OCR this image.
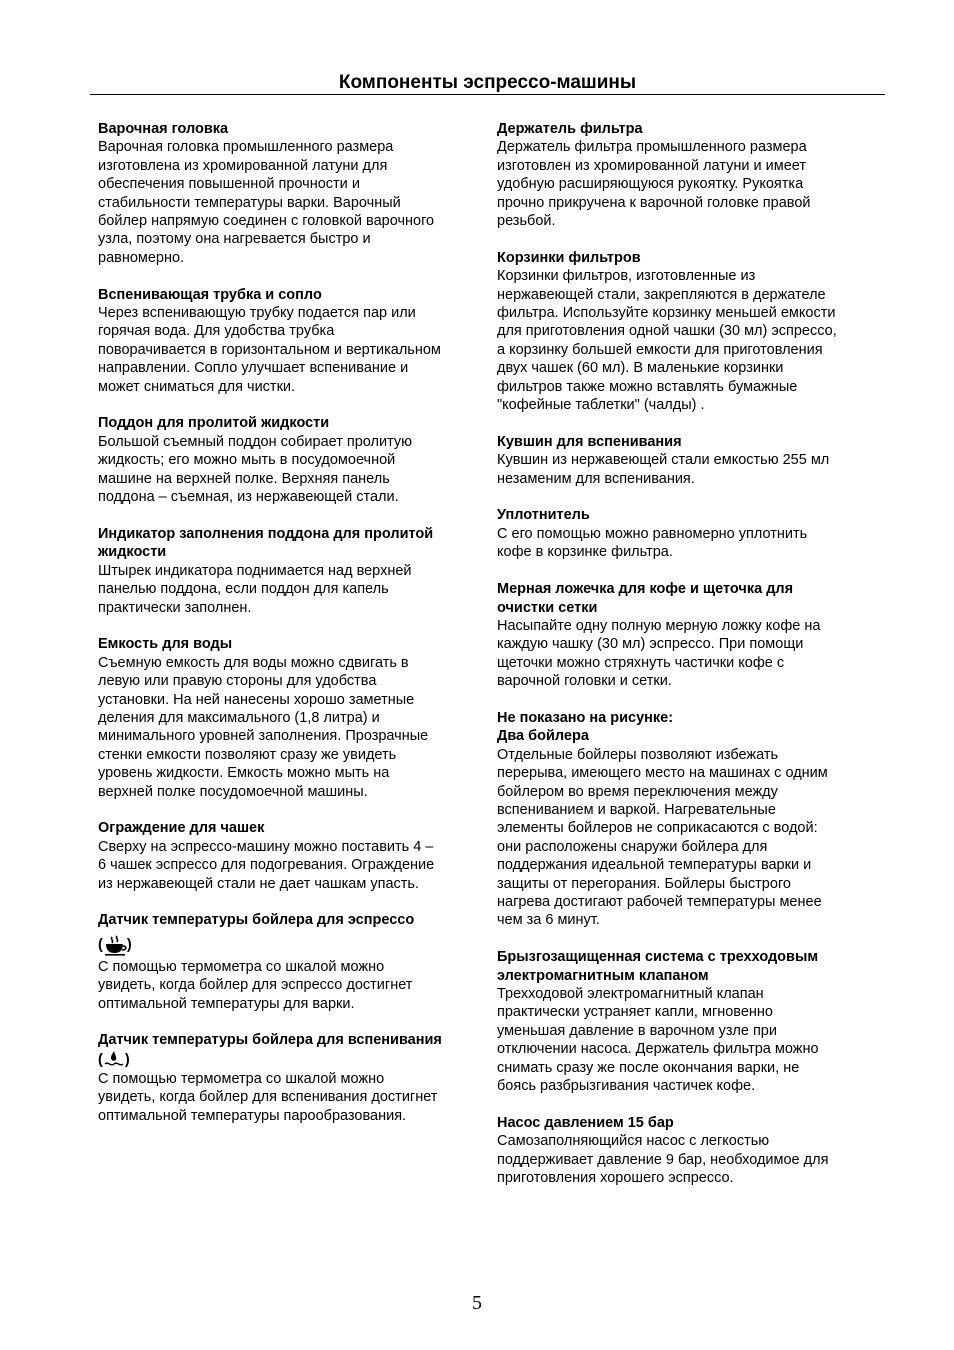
Компоненты эспрессо-машины
Варочная головка
Варочная головка промышленного размера
изготовлена из хромированной латуни для
обеспечения повышенной прочности и
стабильности температуры варки. Варочный
бойлер напрямую соединен с головкой варочного
узла, поэтому она нагревается быстро и
равномерно.
Вспенивающая трубка и сопло
Через вспенивающую трубку подается пар или
горячая вода. Для удобства трубка
поворачивается в горизонтальном и вертикальном
направлении. Сопло улучшает вспенивание и
может сниматься для чистки.
Поддон для пролитой жидкости
Большой съемный поддон собирает пролитую
жидкость; его можно мыть в посудомоечной
машине на верхней полке. Верхняя панель
поддона – съемная, из нержавеющей стали.
Индикатор заполнения поддона для пролитой
жидкости
Штырек индикатора поднимается над верхней
панелью поддона, если поддон для капель
практически заполнен.
Емкость для воды
Съемную емкость для воды можно сдвигать в
левую или правую стороны для удобства
установки. На ней нанесены хорошо заметные
деления для максимального (1,8 литра) и
минимального уровней заполнения. Прозрачные
стенки емкости позволяют сразу же увидеть
уровень жидкости. Емкость можно мыть на
верхней полке посудомоечной машины.
Ограждение для чашек
Сверху на эспрессо-машину можно поставить 4 –
6 чашек эспрессо для подогревания. Ограждение
из нержавеющей стали не дает чашкам упасть.
Датчик температуры бойлера для эспрессо
( )
С помощью термометра со шкалой можно
увидеть, когда бойлер для эспрессо достигнет
оптимальной температуры для варки.
Датчик температуры бойлера для вспенивания
( )
С помощью термометра со шкалой можно
увидеть, когда бойлер для вспенивания достигнет
оптимальной температуры парообразования.
Держатель фильтра
Держатель фильтра промышленного размера
изготовлен из хромированной латуни и имеет
удобную расширяющуюся рукоятку. Рукоятка
прочно прикручена к варочной головке правой
резьбой.
Корзинки фильтров
Корзинки фильтров, изготовленные из
нержавеющей стали, закрепляются в держателе
фильтра. Используйте корзинку меньшей емкости
для приготовления одной чашки (30 мл) эспрессо,
а корзинку большей емкости для приготовления
двух чашек (60 мл). В маленькие корзинки
фильтров также можно вставлять бумажные
"кофейные таблетки" (чалды) .
Кувшин для вспенивания
Кувшин из нержавеющей стали емкостью 255 мл
незаменим для вспенивания.
Уплотнитель
С его помощью можно равномерно уплотнить
кофе в корзинке фильтра.
Мерная ложечка для кофе и щеточка для
очистки сетки
Насыпайте одну полную мерную ложку кофе на
каждую чашку (30 мл) эспрессо. При помощи
щеточки можно стряхнуть частички кофе с
варочной головки и сетки.
Не показано на рисунке:
Два бойлера
Отдельные бойлеры позволяют избежать
перерыва, имеющего место на машинах с одним
бойлером во время переключения между
вспениванием и варкой. Нагревательные
элементы бойлеров не соприкасаются с водой:
они расположены снаружи бойлера для
поддержания идеальной температуры варки и
защиты от перегорания. Бойлеры быстрого
нагрева достигают рабочей температуры менее
чем за 6 минут.
Брызгозащищенная система с трехходовым
электромагнитным клапаном
Трехходовой электромагнитный клапан
практически устраняет капли, мгновенно
уменьшая давление в варочном узле при
отключении насоса. Держатель фильтра можно
снимать сразу же после окончания варки, не
боясь разбрызгивания частичек кофе.
Насос давлением 15 бар
Самозаполняющийся насос с легкостью
поддерживает давление 9 бар, необходимое для
приготовления хорошего эспрессо.
5
